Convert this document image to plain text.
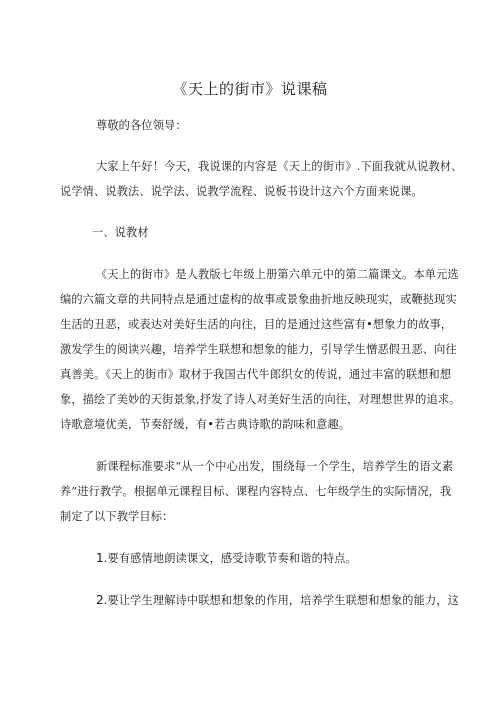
《天上的街市》说课稿
尊敬的各位领导：
大家上午好！今天，我说课的内容是《天上的街市》.下面我就从说教材、
说学情、说教法、说学法、说教学流程、说板书设计这六个方面来说课。
一、说教材
《天上的街市》是人教版七年级上册第六单元中的第二篇课文。本单元选
编的六篇文章的共同特点是通过虚构的故事或景象曲折地反映现实，或鞭挞现实
生活的丑恶，或表达对美好生活的向往，目的是通过这些富有•想象力的故事，
激发学生的阅读兴趣，培养学生联想和想象的能力，引导学生憎恶假丑恶、向往
真善美。《天上的街市》取材于我国古代牛郎织女的传说，通过丰富的联想和想
象，描绘了美妙的天街景象,抒发了诗人对美好生活的向往，对理想世界的追求。
诗歌意境优美，节奏舒缓，有•若古典诗歌的韵味和意趣。
新课程标准要求“从一个中心出发，围绕每一个学生，培养学生的语文素
养”进行教学。根据单元课程目标、课程内容特点、七年级学生的实际情况，我
制定了以下教学目标：
1.要有感情地朗读课文，感受诗歌节奏和谐的特点。
2.要让学生理解诗中联想和想象的作用，培养学生联想和想象的能力，这
